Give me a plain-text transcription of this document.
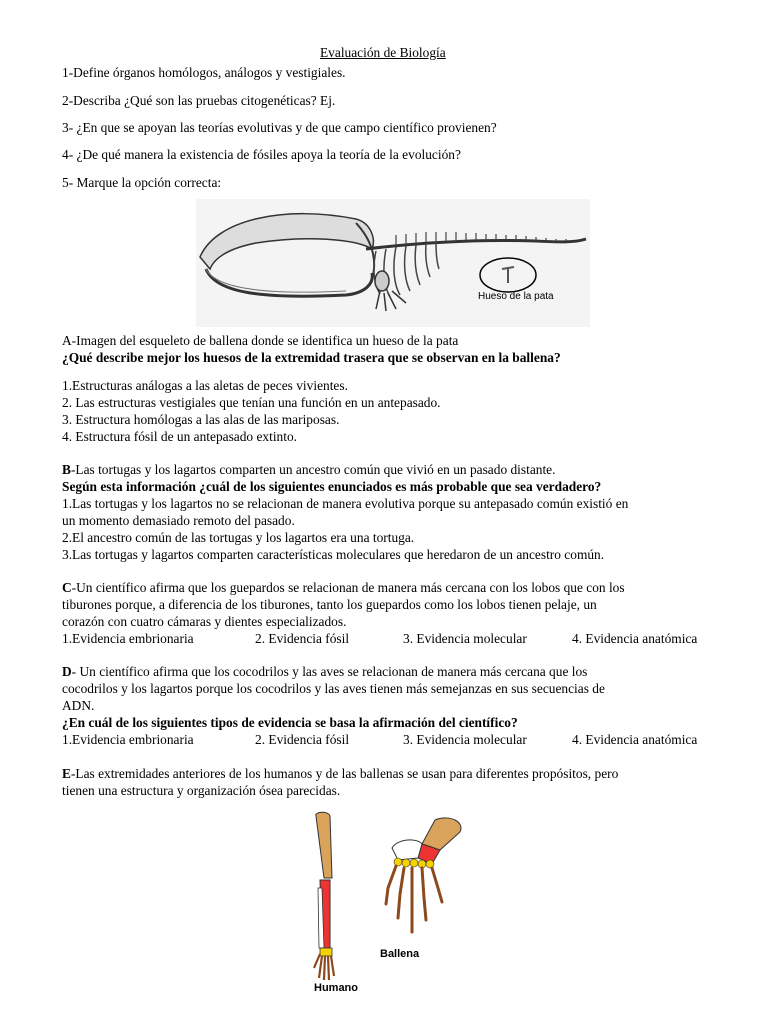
Evaluación de Biología
1-Define órganos homólogos, análogos y vestigiales.
2-Describa ¿Qué son las pruebas citogenéticas? Ej.
3- ¿En que se apoyan las teorías evolutivas y de que campo científico provienen?
4- ¿De qué manera la existencia de fósiles apoya la teoría de la evolución?
5- Marque la opción correcta:
Hueso de la pata
A-Imagen del esqueleto de ballena donde se identifica un hueso de la pata
¿Qué describe mejor los huesos de la extremidad trasera que se observan en la ballena?
1.Estructuras análogas a las aletas de peces vivientes.
2. Las estructuras vestigiales que tenían una función en un antepasado.
3. Estructura homólogas a las alas de las mariposas.
4. Estructura fósil de un antepasado extinto.
B-Las tortugas y los lagartos comparten un ancestro común que vivió en un pasado distante.
Según esta información ¿cuál de los siguientes enunciados es más probable que sea verdadero?
1.Las tortugas y los lagartos no se relacionan de manera evolutiva porque su antepasado común existió en
un momento demasiado remoto del pasado.
2.El ancestro común de las tortugas y los lagartos era una tortuga.
3.Las tortugas y lagartos comparten características moleculares que heredaron de un ancestro común.
C-Un científico afirma que los guepardos se relacionan de manera más cercana con los lobos que con los
tiburones porque, a diferencia de los tiburones, tanto los guepardos como los lobos tienen pelaje, un
corazón con cuatro cámaras y dientes especializados.
1.Evidencia embrionaria	2. Evidencia fósil	3. Evidencia molecular	4. Evidencia anatómica
D- Un científico afirma que los cocodrilos y las aves se relacionan de manera más cercana que los
cocodrilos y los lagartos porque los cocodrilos y las aves tienen más semejanzas en sus secuencias de
ADN.
¿En cuál de los siguientes tipos de evidencia se basa la afirmación del científico?
1.Evidencia embrionaria	2. Evidencia fósil	3. Evidencia molecular	4. Evidencia anatómica
E-Las extremidades anteriores de los humanos y de las ballenas se usan para diferentes propósitos, pero
tienen una estructura y organización ósea parecidas.
Ballena
Humano
